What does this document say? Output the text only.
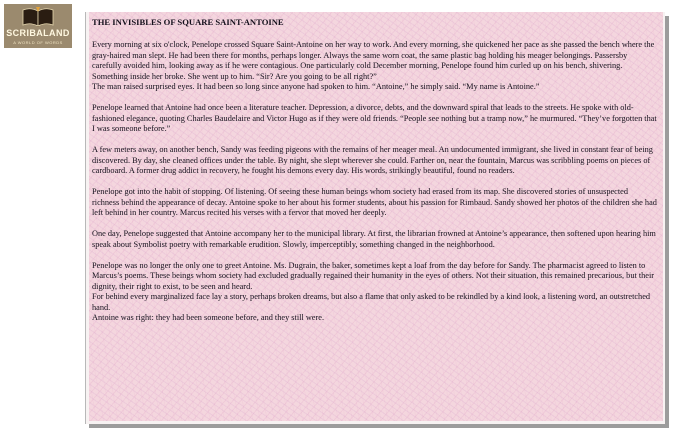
SCRIBALAND
A WORLD OF WORDS
THE INVISIBLES OF SQUARE SAINT-ANTOINE

Every morning at six o'clock, Penelope crossed Square Saint-Antoine on her way to work. And every morning, she quickened her pace as she passed the bench where the gray-haired man slept. He had been there for months, perhaps longer. Always the same worn coat, the same plastic bag holding his meager belongings. Passersby carefully avoided him, looking away as if he were contagious. One particularly cold December morning, Penelope found him curled up on his bench, shivering. Something inside her broke. She went up to him. “Sir? Are you going to be all right?”

The man raised surprised eyes. It had been so long since anyone had spoken to him. “Antoine,” he simply said. “My name is Antoine.”

Penelope learned that Antoine had once been a literature teacher. Depression, a divorce, debts, and the downward spiral that leads to the streets. He spoke with old-fashioned elegance, quoting Charles Baudelaire and Victor Hugo as if they were old friends. “People see nothing but a tramp now,” he murmured. “They’ve forgotten that I was someone before.”

A few meters away, on another bench, Sandy was feeding pigeons with the remains of her meager meal. An undocumented immigrant, she lived in constant fear of being discovered. By day, she cleaned offices under the table. By night, she slept wherever she could. Farther on, near the fountain, Marcus was scribbling poems on pieces of cardboard. A former drug addict in recovery, he fought his demons every day. His words, strikingly beautiful, found no readers.

Penelope got into the habit of stopping. Of listening. Of seeing these human beings whom society had erased from its map. She discovered stories of unsuspected richness behind the appearance of decay. Antoine spoke to her about his former students, about his passion for Rimbaud. Sandy showed her photos of the children she had left behind in her country. Marcus recited his verses with a fervor that moved her deeply.

One day, Penelope suggested that Antoine accompany her to the municipal library. At first, the librarian frowned at Antoine’s appearance, then softened upon hearing him speak about Symbolist poetry with remarkable erudition. Slowly, imperceptibly, something changed in the neighborhood.

Penelope was no longer the only one to greet Antoine. Ms. Dugrain, the baker, sometimes kept a loaf from the day before for Sandy. The pharmacist agreed to listen to Marcus’s poems. These beings whom society had excluded gradually regained their humanity in the eyes of others. Not their situation, this remained precarious, but their dignity, their right to exist, to be seen and heard.

For behind every marginalized face lay a story, perhaps broken dreams, but also a flame that only asked to be rekindled by a kind look, a listening word, an outstretched hand.

Antoine was right: they had been someone before, and they still were.
